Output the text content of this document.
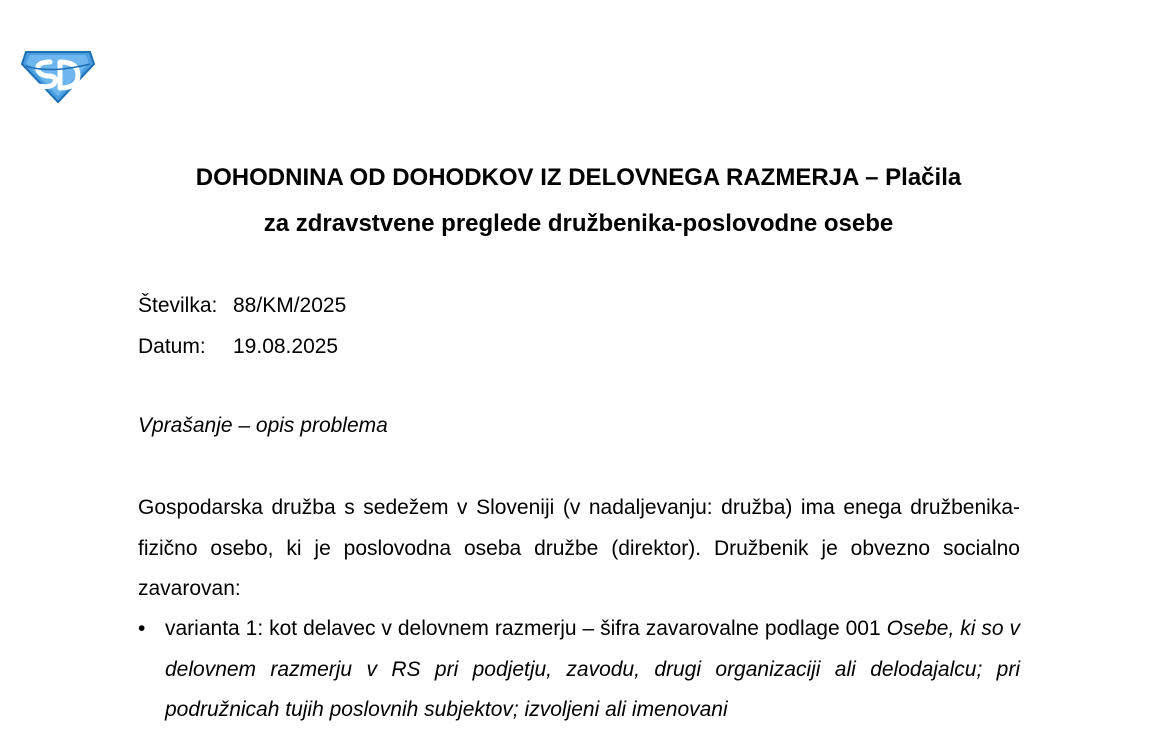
DOHODNINA OD DOHODKOV IZ DELOVNEGA RAZMERJA – Plačila
za zdravstvene preglede družbenika-poslovodne osebe
Številka: 88/KM/2025
Datum: 19.08.2025
Vprašanje – opis problema
Gospodarska družba s sedežem v Sloveniji (v nadaljevanju: družba) ima enega družbenika-fizično osebo, ki je poslovodna oseba družbe (direktor). Družbenik je obvezno socialno zavarovan:
• varianta 1: kot delavec v delovnem razmerju – šifra zavarovalne podlage 001 Osebe, ki so v delovnem razmerju v RS pri podjetju, zavodu, drugi organizaciji ali delodajalcu; pri podružnicah tujih poslovnih subjektov; izvoljeni ali imenovani
